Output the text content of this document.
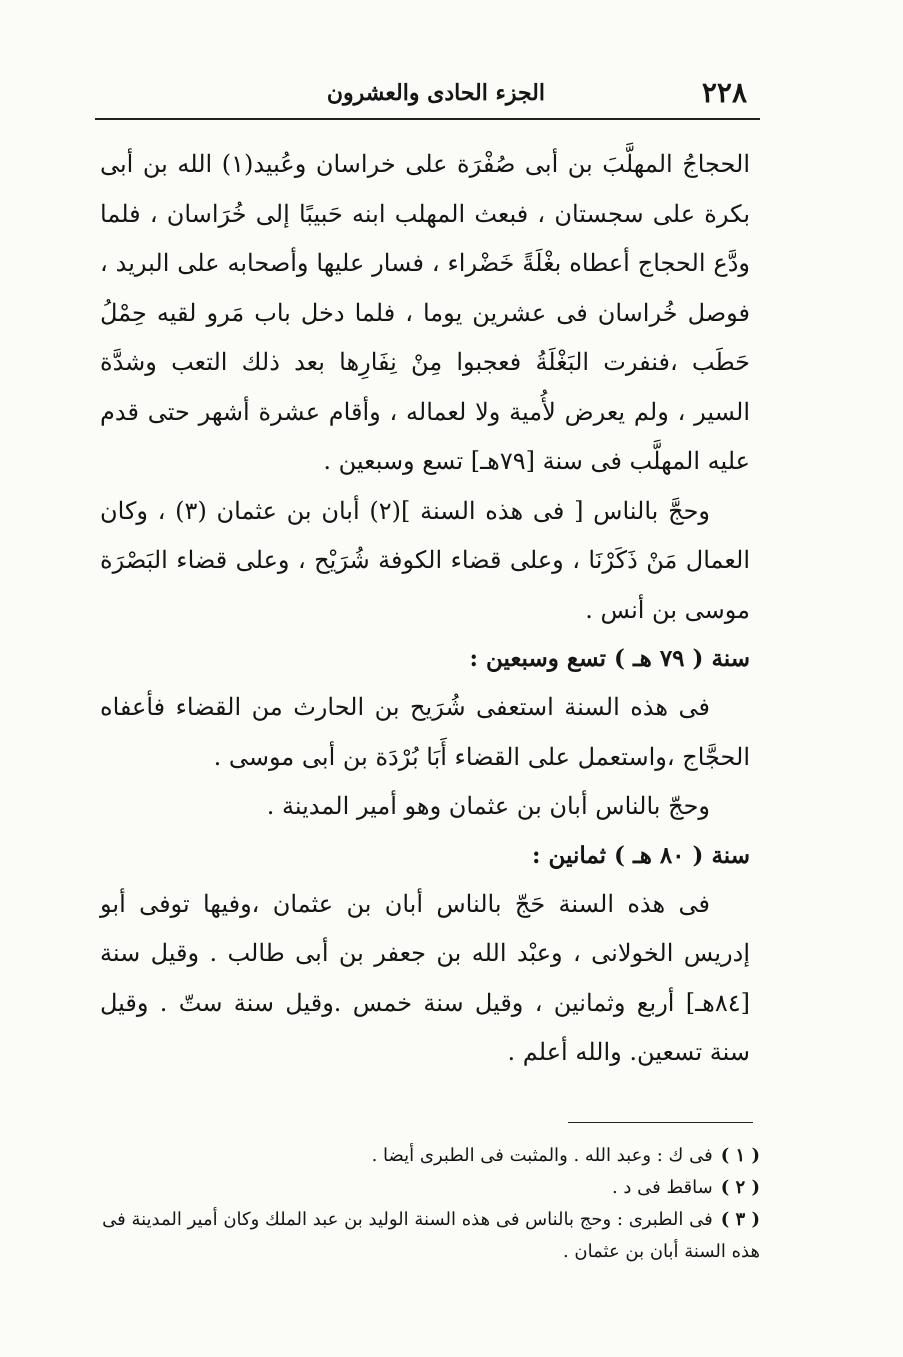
٢٢٨
الجزء الحادى والعشرون

الحجاجُ المهلَّبَ بن أبى صُفْرَة على خراسان وعُبيد(١) الله بن أبى بكرة على سجستان ، فبعث المهلب ابنه حَبيبًا إلى خُرَاسان ، فلما ودَّع الحجاج أعطاه بغْلَةً خَضْراء ، فسار عليها وأصحابه على البريد ، فوصل خُراسان فى عشرين يوما ، فلما دخل باب مَرو لقيه حِمْلُ حَطَب ،فنفرت البَغْلَةُ فعجبوا مِنْ نِفَارِها بعد ذلك التعب وشدَّة السير ، ولم يعرض لأُمية ولا لعماله ، وأقام عشرة أشهر حتى قدم عليه المهلَّب فى سنة [٧٩هـ] تسع وسبعين .

وحجَّ بالناس [ فى هذه السنة ](٢) أبان بن عثمان (٣) ، وكان العمال مَنْ ذَكَرْنَا ، وعلى قضاء الكوفة شُرَيْح ، وعلى قضاء البَصْرَة موسى بن أنس .

سنة ( ٧٩ هـ ) تسع وسبعين :

فى هذه السنة استعفى شُرَيح بن الحارث من القضاء فأعفاه الحجَّاج ،واستعمل على القضاء أَبَا بُرْدَة بن أبى موسى .

وحجّ بالناس أبان بن عثمان وهو أمير المدينة .

سنة ( ٨٠ هـ ) ثمانين :

فى هذه السنة حَجّ بالناس أبان بن عثمان ،وفيها توفى أبو إدريس الخولانى ، وعبْد الله بن جعفر بن أبى طالب . وقيل سنة [٨٤هـ] أربع وثمانين ، وقيل سنة خمس .وقيل سنة ستّ . وقيل سنة تسعين. والله أعلم .

( ١ )فى ك : وعبد الله . والمثبت فى الطبرى أيضا .

( ٢ )ساقط فى د .

( ٣ )فى الطبرى : وحج بالناس فى هذه السنة الوليد بن عبد الملك وكان أمير المدينة فى هذه السنة أبان بن عثمان .
